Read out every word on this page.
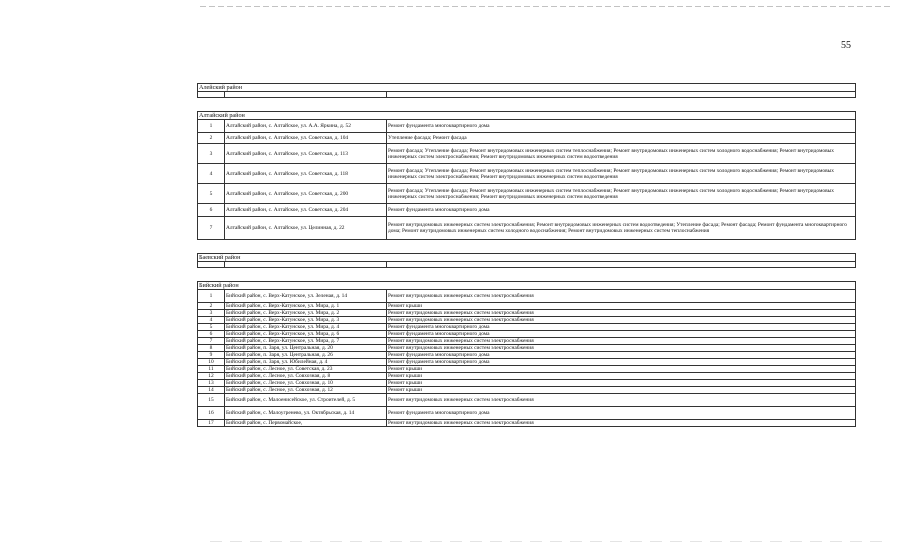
55
Алейский район		

Алтайский район		
1	Алтайский район, с. Алтайское, ул. А.А. Яркина, д. 52	Ремонт фундамента многоквартирного дома
2	Алтайский район, с. Алтайское, ул. Советская, д. 104	Утепление фасада; Ремонт фасада
3	Алтайский район, с. Алтайское, ул. Советская, д. 113	Ремонт фасада; Утепление фасада; Ремонт внутридомовых инженерных систем теплоснабжения; Ремонт внутридомовых инженерных систем холодного водоснабжения; Ремонт внутридомовых инженерных систем электроснабжения; Ремонт внутридомовых инженерных систем водоотведения
4	Алтайский район, с. Алтайское, ул. Советская, д. 118	Ремонт фасада; Утепление фасада; Ремонт внутридомовых инженерных систем теплоснабжения; Ремонт внутридомовых инженерных систем холодного водоснабжения; Ремонт внутридомовых инженерных систем электроснабжения; Ремонт внутридомовых инженерных систем водоотведения
5	Алтайский район, с. Алтайское, ул. Советская, д. 200	Ремонт фасада; Утепление фасада; Ремонт внутридомовых инженерных систем теплоснабжения; Ремонт внутридомовых инженерных систем холодного водоснабжения; Ремонт внутридомовых инженерных систем электроснабжения; Ремонт внутридомовых инженерных систем водоотведения
6	Алтайский район, с. Алтайское, ул. Советская, д. 204	Ремонт фундамента многоквартирного дома
7	Алтайский район, с. Алтайское, ул. Целинная, д. 22	Ремонт внутридомовых инженерных систем электроснабжения; Ремонт внутридомовых инженерных систем водоотведения; Утепление фасада; Ремонт фасада; Ремонт фундамента многоквартирного дома; Ремонт внутридомовых инженерных систем холодного водоснабжения; Ремонт внутридомовых инженерных систем теплоснабжения

Баевский район		

Бийский район		
1	Бийский район, с. Верх-Катунское, ул. Зеленая, д. 14	Ремонт внутридомовых инженерных систем электроснабжения
2	Бийский район, с. Верх-Катунское, ул. Мира, д. 1	Ремонт крыши
3	Бийский район, с. Верх-Катунское, ул. Мира, д. 2	Ремонт внутридомовых инженерных систем электроснабжения
4	Бийский район, с. Верх-Катунское, ул. Мира, д. 3	Ремонт внутридомовых инженерных систем электроснабжения
5	Бийский район, с. Верх-Катунское, ул. Мира, д. 4	Ремонт фундамента многоквартирного дома
6	Бийский район, с. Верх-Катунское, ул. Мира, д. 6	Ремонт фундамента многоквартирного дома
7	Бийский район, с. Верх-Катунское, ул. Мира, д. 7	Ремонт внутридомовых инженерных систем электроснабжения
8	Бийский район, п. Заря, ул. Центральная, д. 20	Ремонт внутридомовых инженерных систем электроснабжения
9	Бийский район, п. Заря, ул. Центральная, д. 26	Ремонт фундамента многоквартирного дома
10	Бийский район, п. Заря, ул. Юбилейная, д. 4	Ремонт фундамента многоквартирного дома
11	Бийский район, с. Лесное, ул. Советская, д. 23	Ремонт крыши
12	Бийский район, с. Лесное, ул. Совхозная, д. 8	Ремонт крыши
13	Бийский район, с. Лесное, ул. Совхозная, д. 10	Ремонт крыши
14	Бийский район, с. Лесное, ул. Совхозная, д. 12	Ремонт крыши
15	Бийский район, с. Малоенисейское, ул. Строителей, д. 5	Ремонт внутридомовых инженерных систем электроснабжения
16	Бийский район, с. Малоугренево, ул. Октябрьская, д. 14	Ремонт фундамента многоквартирного дома
17	Бийский район, с. Первомайское,	Ремонт внутридомовых инженерных систем электроснабжения
